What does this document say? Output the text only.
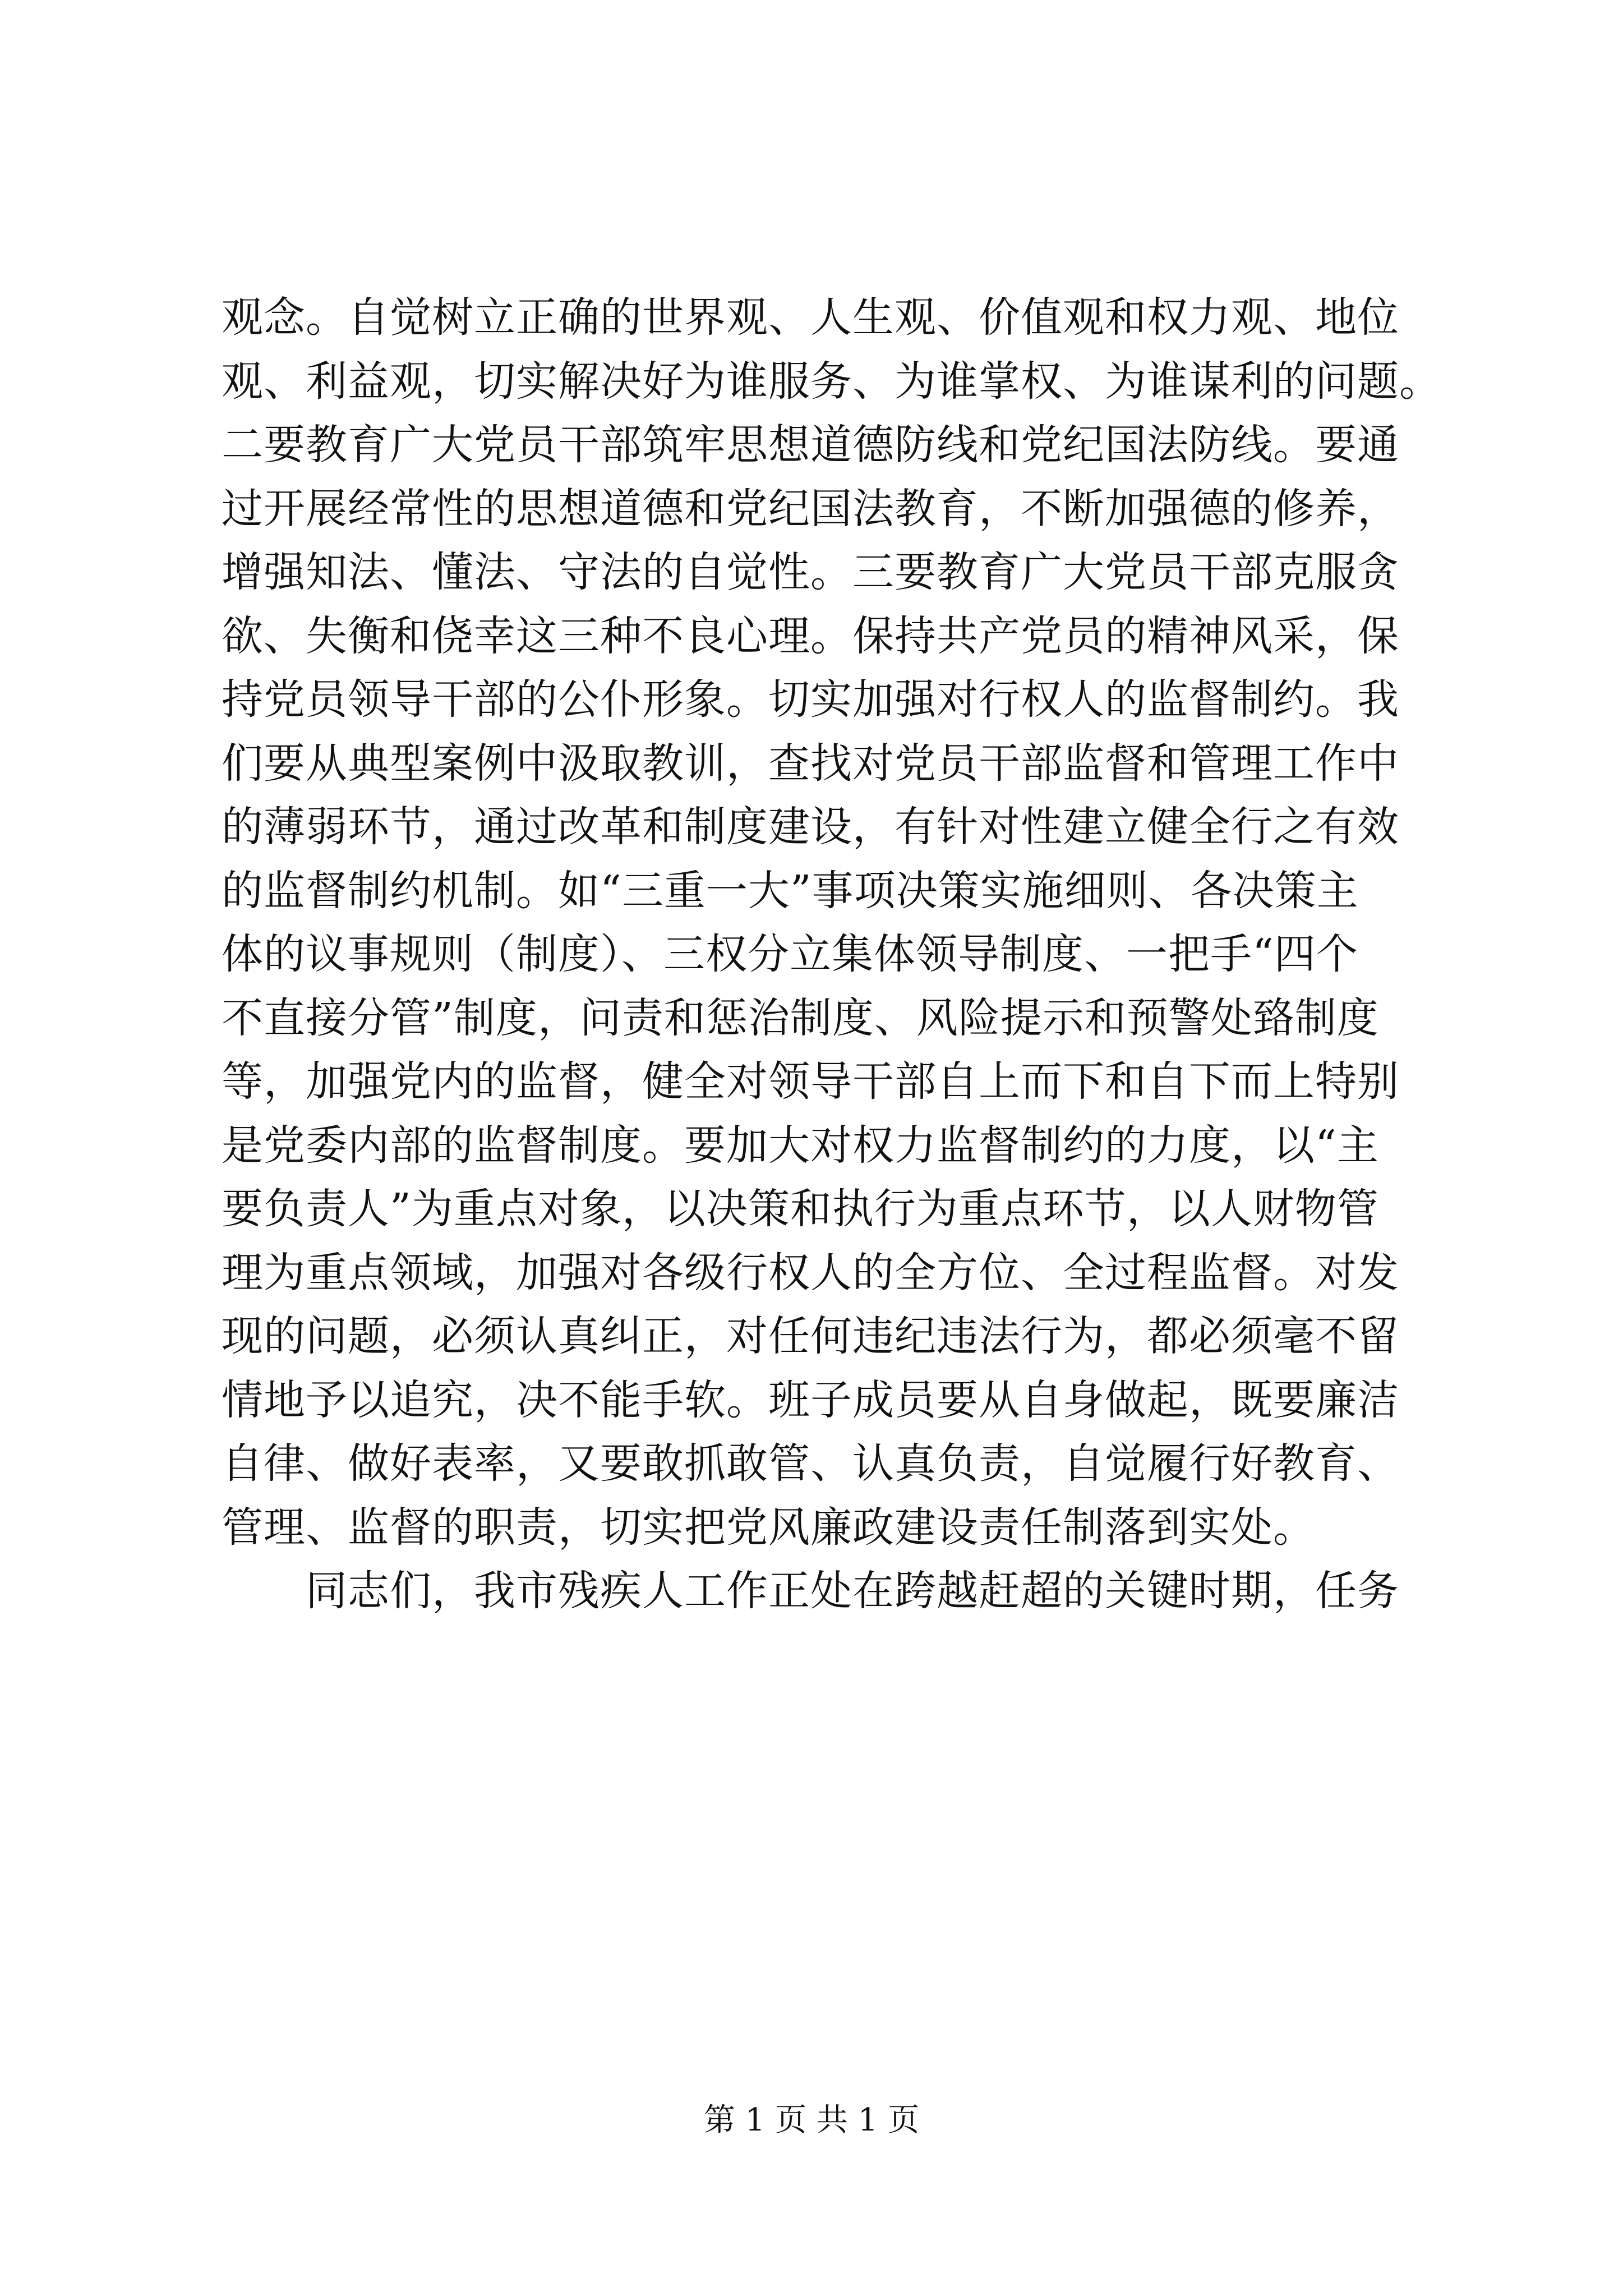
观念。自觉树立正确的世界观、人生观、价值观和权力观、地位
观、利益观，切实解决好为谁服务、为谁掌权、为谁谋利的问题。
二要教育广大党员干部筑牢思想道德防线和党纪国法防线。要通
过开展经常性的思想道德和党纪国法教育，不断加强德的修养，
增强知法、懂法、守法的自觉性。三要教育广大党员干部克服贪
欲、失衡和侥幸这三种不良心理。保持共产党员的精神风采，保
持党员领导干部的公仆形象。切实加强对行权人的监督制约。我
们要从典型案例中汲取教训，查找对党员干部监督和管理工作中
的薄弱环节，通过改革和制度建设，有针对性建立健全行之有效
的监督制约机制。如“三重一大”事项决策实施细则、各决策主
体的议事规则（制度）、三权分立集体领导制度、一把手“四个
不直接分管”制度，问责和惩治制度、风险提示和预警处臵制度
等，加强党内的监督，健全对领导干部自上而下和自下而上特别
是党委内部的监督制度。要加大对权力监督制约的力度，以“主
要负责人”为重点对象，以决策和执行为重点环节，以人财物管
理为重点领域，加强对各级行权人的全方位、全过程监督。对发
现的问题，必须认真纠正，对任何违纪违法行为，都必须毫不留
情地予以追究，决不能手软。班子成员要从自身做起，既要廉洁
自律、做好表率，又要敢抓敢管、认真负责，自觉履行好教育、
管理、监督的职责，切实把党风廉政建设责任制落到实处。
　　同志们，我市残疾人工作正处在跨越赶超的关键时期，任务
第 1 页 共 1 页
